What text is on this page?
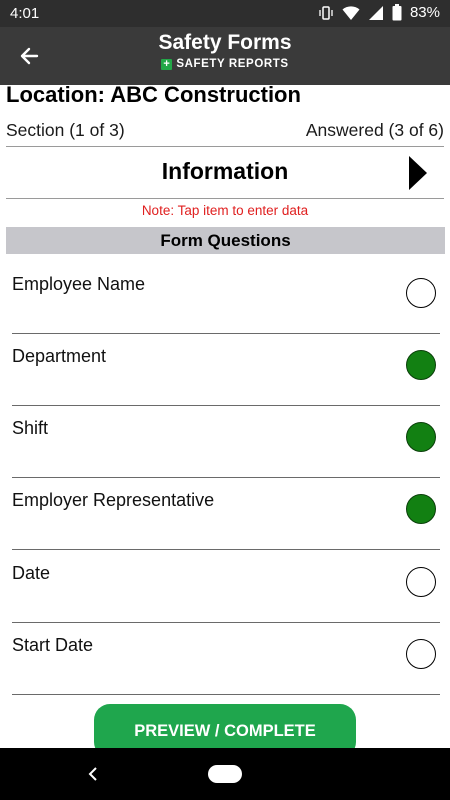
4:01	83%
Safety Forms
+ SAFETY REPORTS
Location: ABC Construction
Section (1 of 3)	Answered (3 of 6)
Information
Note: Tap item to enter data
Form Questions
Employee Name
Department
Shift
Employer Representative
Date
Start Date
PREVIEW / COMPLETE
